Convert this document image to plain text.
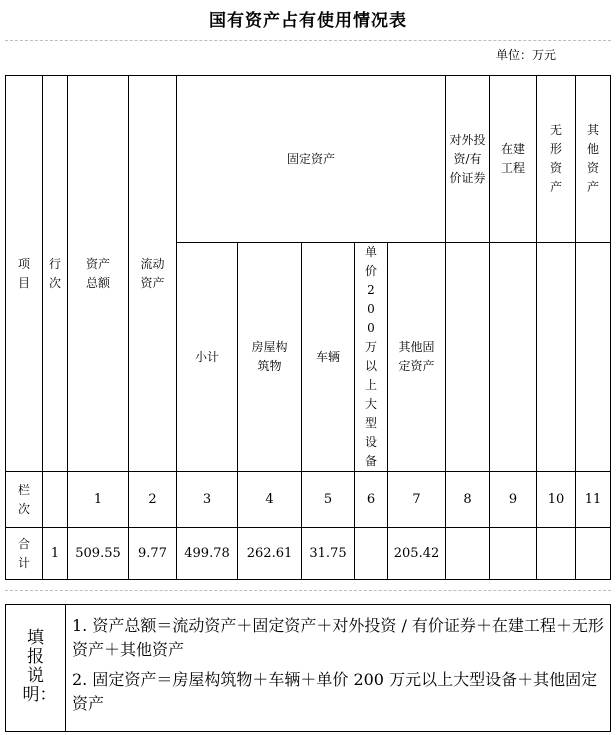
国有资产占有使用情况表
单位：万元
项目	行次	资产总额	流动资产	固定资产					对外投资/有价证券	在建工程	无形资产	其他资产
				小计	房屋构筑物	车辆	单价200万以上大型设备	其他固定资产				
栏次		1	2	3	4	5	6	7	8	9	10	11
合计	1	509.55	9.77	499.78	262.61	31.75		205.42				
填报说明：	

1. 资产总额＝流动资产＋固定资产＋对外投资 / 有价证券＋在建工程＋无形资产＋其他资产

2. 固定资产＝房屋构筑物＋车辆＋单价 200 万元以上大型设备＋其他固定资产
